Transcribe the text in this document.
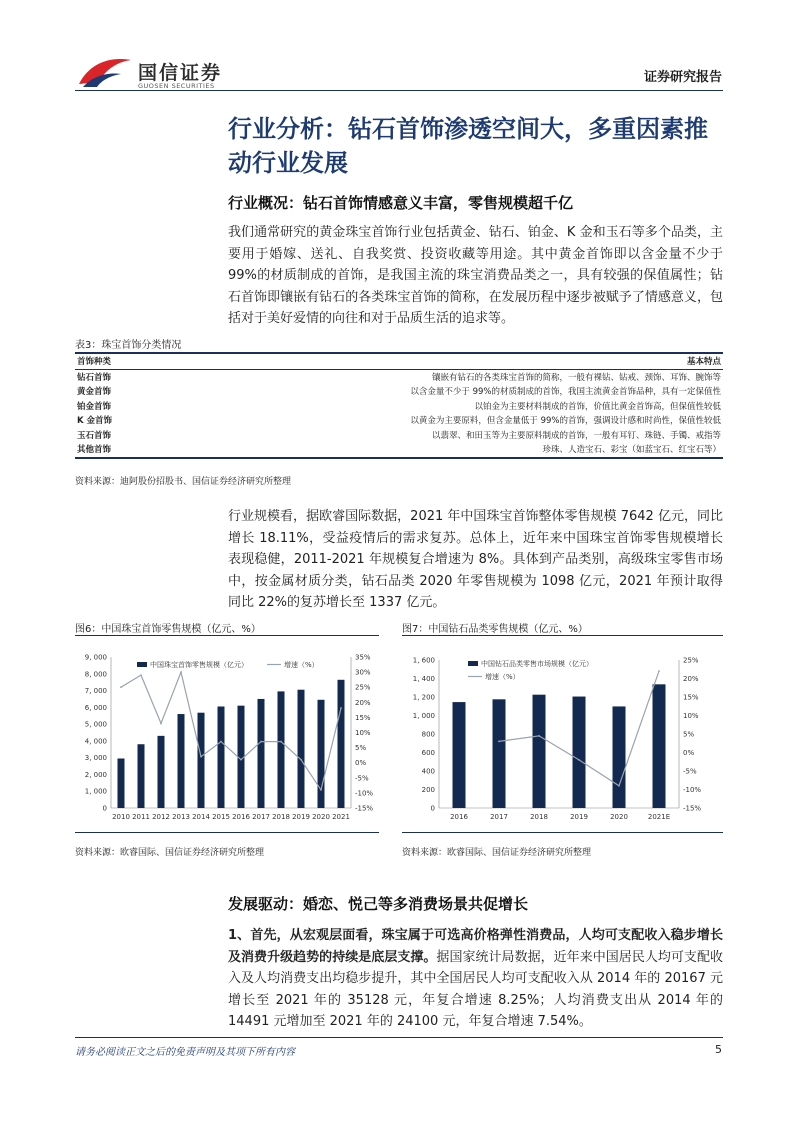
国信证券
GUOSEN SECURITIES
证券研究报告
行业分析：钻石首饰渗透空间大，多重因素推动行业发展
行业概况：钻石首饰情感意义丰富，零售规模超千亿
我们通常研究的黄金珠宝首饰行业包括黄金、钻石、铂金、K 金和玉石等多个品类，主要用于婚嫁、送礼、自我奖赏、投资收藏等用途。其中黄金首饰即以含金量不少于 99%的材质制成的首饰，是我国主流的珠宝消费品类之一，具有较强的保值属性；钻石首饰即镶嵌有钻石的各类珠宝首饰的简称，在发展历程中逐步被赋予了情感意义，包括对于美好爱情的向往和对于品质生活的追求等。
表3：珠宝首饰分类情况
首饰种类	基本特点
钻石首饰	镶嵌有钻石的各类珠宝首饰的简称，一般有裸钻、钻戒、颈饰、耳饰、腕饰等
黄金首饰	以含金量不少于 99%的材质制成的首饰，我国主流黄金首饰品种，具有一定保值性
铂金首饰	以铂金为主要材料制成的首饰，价值比黄金首饰高，但保值性较低
K 金首饰	以黄金为主要原料，但含金量低于 99%的首饰，强调设计感和时尚性，保值性较低
玉石首饰	以翡翠、和田玉等为主要原料制成的首饰，一般有耳钉、珠链、手镯、戒指等
其他首饰	珍珠、人造宝石、彩宝（如蓝宝石、红宝石等）
资料来源：迪阿股份招股书、国信证券经济研究所整理
行业规模看，据欧睿国际数据，2021 年中国珠宝首饰整体零售规模 7642 亿元，同比增长 18.11%，受益疫情后的需求复苏。总体上，近年来中国珠宝首饰零售规模增长表现稳健，2011-2021 年规模复合增速为 8%。具体到产品类别，高级珠宝零售市场中，按金属材质分类，钻石品类 2020 年零售规模为 1098 亿元，2021 年预计取得同比 22%的复苏增长至 1337 亿元。
图6：中国珠宝首饰零售规模（亿元、%）
9, 000
8, 000
7, 000
6, 000
5, 000
4, 000
3, 000
2, 000
1, 000
0
35%
30%
25%
20%
15%
10%
5%
0%
-5%
-10%
-15%
2010 2011 2012 2013 2014 2015 2016 2017 2018 2019 2020 2021
中国珠宝首饰零售规模（亿元）	增速（%）
资料来源：欧睿国际、国信证券经济研究所整理
图7：中国钻石品类零售规模（亿元、%）
1, 600
1, 400
1, 200
1, 000
800
600
400
200
0
25%
20%
15%
10%
5%
0%
-5%
-10%
-15%
2016	2017	2018	2019	2020	2021E
中国钻石品类零售市场规模（亿元）
增速（%）
资料来源：欧睿国际、国信证券经济研究所整理
发展驱动：婚恋、悦己等多消费场景共促增长
1、首先，从宏观层面看，珠宝属于可选高价格弹性消费品，人均可支配收入稳步增长及消费升级趋势的持续是底层支撑。据国家统计局数据，近年来中国居民人均可支配收入及人均消费支出均稳步提升，其中全国居民人均可支配收入从 2014 年的 20167 元增长至 2021 年的 35128 元，年复合增速 8.25%；人均消费支出从 2014 年的 14491 元增加至 2021 年的 24100 元，年复合增速 7.54%。
请务必阅读正文之后的免责声明及其项下所有内容	5
